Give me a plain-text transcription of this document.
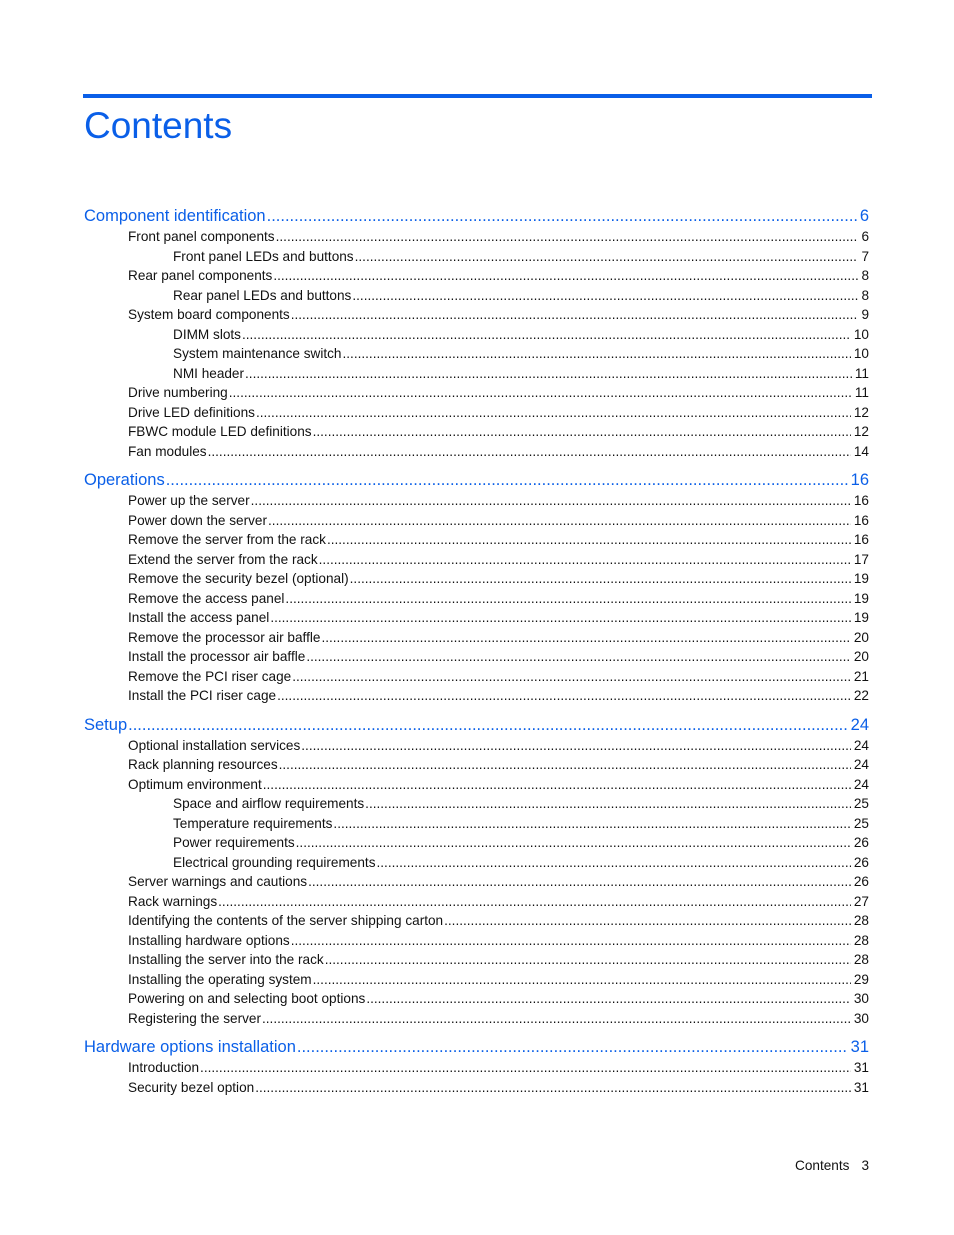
Contents
Component identification .....	6
Front panel components .....	6
Front panel LEDs and buttons .....	7
Rear panel components .....	8
Rear panel LEDs and buttons .....	8
System board components .....	9
DIMM slots .....	10
System maintenance switch .....	10
NMI header .....	11
Drive numbering .....	11
Drive LED definitions .....	12
FBWC module LED definitions .....	12
Fan modules .....	14
Operations .....	16
Power up the server .....	16
Power down the server .....	16
Remove the server from the rack .....	16
Extend the server from the rack .....	17
Remove the security bezel (optional) .....	19
Remove the access panel .....	19
Install the access panel .....	19
Remove the processor air baffle .....	20
Install the processor air baffle .....	20
Remove the PCI riser cage .....	21
Install the PCI riser cage .....	22
Setup .....	24
Optional installation services .....	24
Rack planning resources .....	24
Optimum environment .....	24
Space and airflow requirements .....	25
Temperature requirements .....	25
Power requirements .....	26
Electrical grounding requirements .....	26
Server warnings and cautions .....	26
Rack warnings .....	27
Identifying the contents of the server shipping carton .....	28
Installing hardware options .....	28
Installing the server into the rack .....	28
Installing the operating system .....	29
Powering on and selecting boot options .....	30
Registering the server .....	30
Hardware options installation .....	31
Introduction .....	31
Security bezel option .....	31
Contents 3
